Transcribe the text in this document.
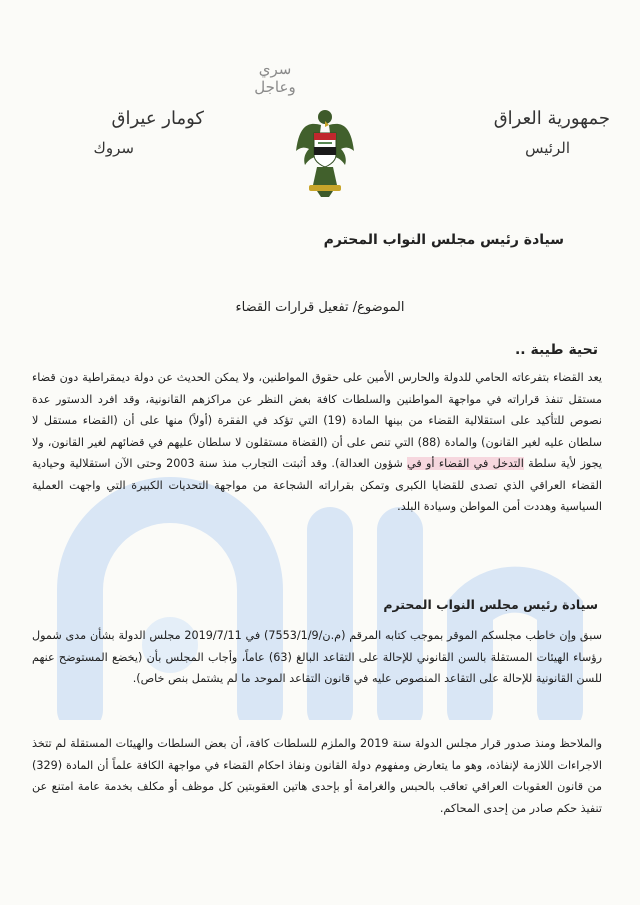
سري وعاجل
جمهورية العراق
الرئيس
كومار عيراق
سروك
سيادة رئيس مجلس النواب المحترم
الموضوع/ تفعيل قرارات القضاء
تحية طيبة ..
يعد القضاء بتفرعاته الحامي للدولة والحارس الأمين على حقوق المواطنين، ولا يمكن الحديث عن دولة ديمقراطية دون قضاء مستقل تنفذ قراراته في مواجهة المواطنين والسلطات كافة بغض النظر عن مراكزهم القانونية، وقد افرد الدستور عدة نصوص للتأكيد على استقلالية القضاء من بينها المادة (19) التي تؤكد في الفقرة (أولاً) منها على أن (القضاء مستقل لا سلطان عليه لغير القانون) والمادة (88) التي تنص على أن (القضاة مستقلون لا سلطان عليهم في قضائهم لغير القانون، ولا يجوز لأية سلطة التدخل في القضاء أو في شؤون العدالة). وقد أثبتت التجارب منذ سنة 2003 وحتى الآن استقلالية وحيادية القضاء العراقي الذي تصدى للقضايا الكبرى وتمكن بقراراته الشجاعة من مواجهة التحديات الكبيرة التي واجهت العملية السياسية وهددت أمن المواطن وسيادة البلد.
سيادة رئيس مجلس النواب المحترم
سبق وإن خاطب مجلسكم الموقر بموجب كتابه المرقم (م.ن/7553/1/9) في 2019/7/11 مجلس الدولة بشأن مدى شمول رؤساء الهيئات المستقلة بالسن القانوني للإحالة على التقاعد البالغ (63) عاماً، وأجاب المجلس بأن (يخضع المستوضح عنهم للسن القانونية للإحالة على التقاعد المنصوص عليه في قانون التقاعد الموحد ما لم يشتمل بنص خاص).
والملاحظ ومنذ صدور قرار مجلس الدولة سنة 2019 والملزم للسلطات كافة، أن بعض السلطات والهيئات المستقلة لم تتخذ الاجراءات اللازمة لإنفاذه، وهو ما يتعارض ومفهوم دولة القانون ونفاذ احكام القضاء في مواجهة الكافة علماً أن المادة (329) من قانون العقوبات العراقي تعاقب بالحبس والغرامة أو بإحدى هاتين العقوبتين كل موظف أو مكلف بخدمة عامة امتنع عن تنفيذ حكم صادر من إحدى المحاكم.
